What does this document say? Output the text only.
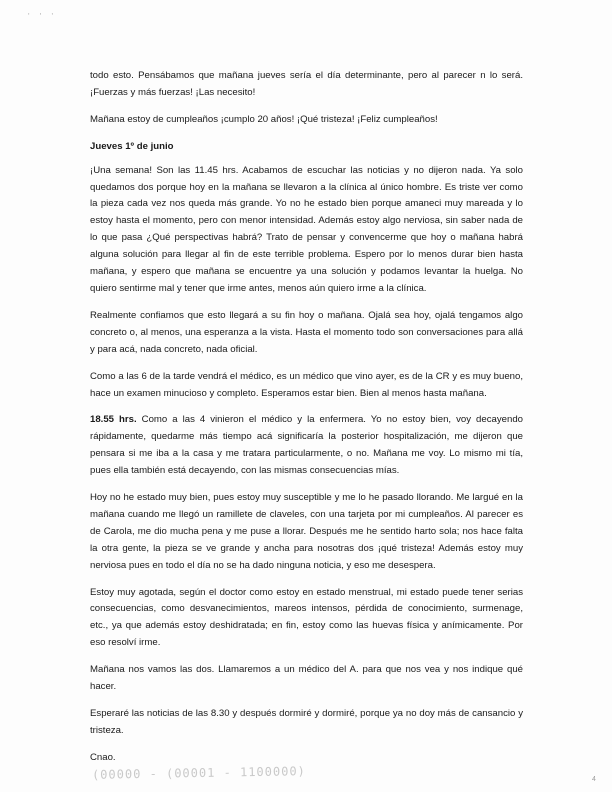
' ' '

todo esto. Pensábamos que mañana jueves sería el día determinante, pero al parecer n lo será. ¡Fuerzas y más fuerzas! ¡Las necesito!

Mañana estoy de cumpleaños ¡cumplo 20 años! ¡Qué tristeza! ¡Feliz cumpleaños!

Jueves 1º de junio

¡Una semana! Son las 11.45 hrs. Acabamos de escuchar las noticias y no dijeron nada. Ya solo quedamos dos porque hoy en la mañana se llevaron a la clínica al único hombre. Es triste ver como la pieza cada vez nos queda más grande. Yo no he estado bien porque amaneci muy mareada y lo estoy hasta el momento, pero con menor intensidad. Además estoy algo nerviosa, sin saber nada de lo que pasa ¿Qué perspectivas habrá? Trato de pensar y convencerme que hoy o mañana habrá alguna solución para llegar al fin de este terrible problema. Espero por lo menos durar bien hasta mañana, y espero que mañana se encuentre ya una solución y podamos levantar la huelga. No quiero sentirme mal y tener que irme antes, menos aún quiero irme a la clínica.

Realmente confiamos que esto llegará a su fin hoy o mañana. Ojalá sea hoy, ojalá tengamos algo concreto o, al menos, una esperanza a la vista. Hasta el momento todo son conversaciones para allá y para acá, nada concreto, nada oficial.

Como a las 6 de la tarde vendrá el médico, es un médico que vino ayer, es de la CR y es muy bueno, hace un examen minucioso y completo. Esperamos estar bien. Bien al menos hasta mañana.

18.55 hrs. Como a las 4 vinieron el médico y la enfermera. Yo no estoy bien, voy decayendo rápidamente, quedarme más tiempo acá significaría la posterior hospitalización, me dijeron que pensara si me iba a la casa y me tratara particularmente, o no. Mañana me voy. Lo mismo mi tía, pues ella también está decayendo, con las mismas consecuencias mías.

Hoy no he estado muy bien, pues estoy muy susceptible y me lo he pasado llorando. Me largué en la mañana cuando me llegó un ramillete de claveles, con una tarjeta por mi cumpleaños. Al parecer es de Carola, me dio mucha pena y me puse a llorar. Después me he sentido harto sola; nos hace falta la otra gente, la pieza se ve grande y ancha para nosotras dos ¡qué tristeza! Además estoy muy nerviosa pues en todo el día no se ha dado ninguna noticia, y eso me desespera.

Estoy muy agotada, según el doctor como estoy en estado menstrual, mi estado puede tener serias consecuencias, como desvanecimientos, mareos intensos, pérdida de conocimiento, surmenage, etc., ya que además estoy deshidratada; en fin, estoy como las huevas física y anímicamente. Por eso resolví irme.

Mañana nos vamos las dos. Llamaremos a un médico del A. para que nos vea y nos indique qué hacer.

Esperaré las noticias de las 8.30 y después dormiré y dormiré, porque ya no doy más de cansancio y tristeza.

Cnao.

(00000 - (00001 - 1100000)	4
